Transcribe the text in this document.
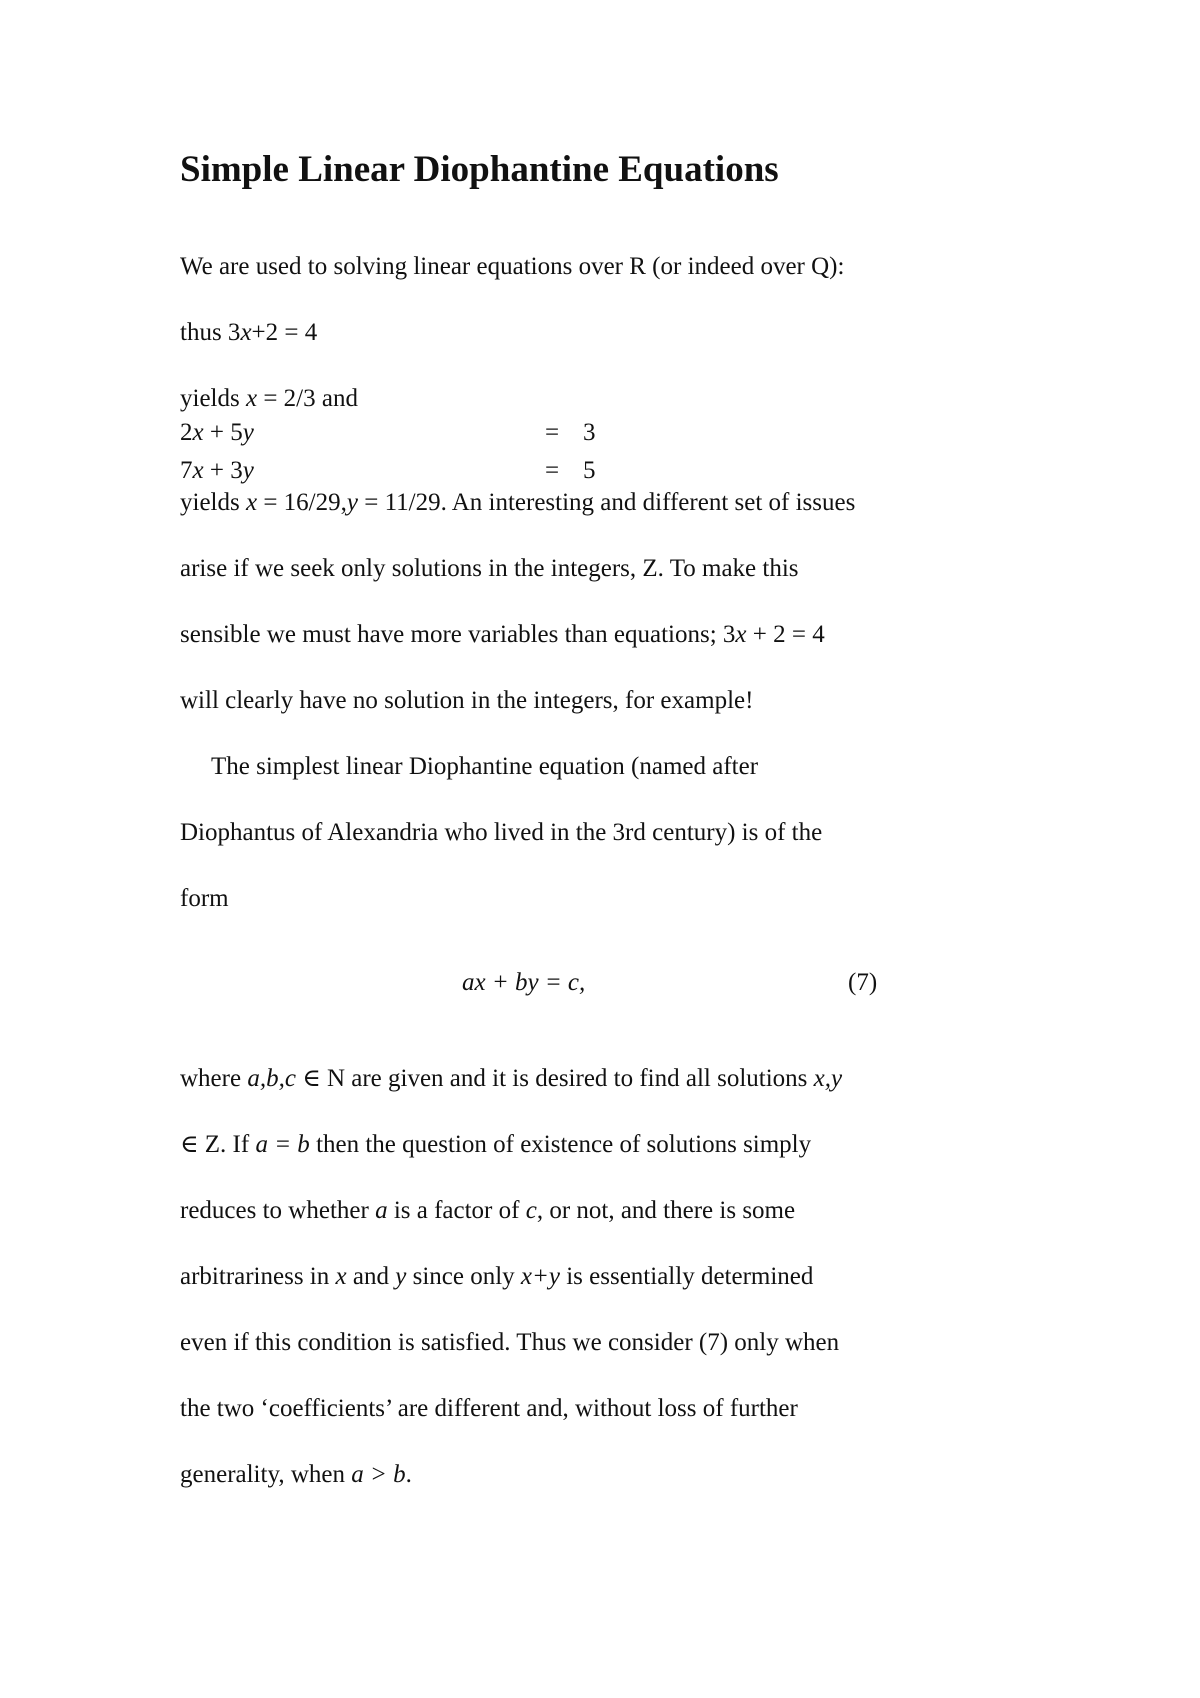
Simple Linear Diophantine Equations
We are used to solving linear equations over R (or indeed over Q):
thus 3x+2 = 4
yields x = 2/3 and
2x + 5y	= 3
7x + 3y	= 5
yields x = 16/29,y = 11/29. An interesting and different set of issues
arise if we seek only solutions in the integers, Z. To make this
sensible we must have more variables than equations; 3x + 2 = 4
will clearly have no solution in the integers, for example!
The simplest linear Diophantine equation (named after
Diophantus of Alexandria who lived in the 3rd century) is of the
form
ax + by = c,	(7)
where a,b,c ∈ N are given and it is desired to find all solutions x,y
∈ Z. If a = b then the question of existence of solutions simply
reduces to whether a is a factor of c, or not, and there is some
arbitrariness in x and y since only x+y is essentially determined
even if this condition is satisfied. Thus we consider (7) only when
the two ‘coefficients’ are different and, without loss of further
generality, when a > b.
